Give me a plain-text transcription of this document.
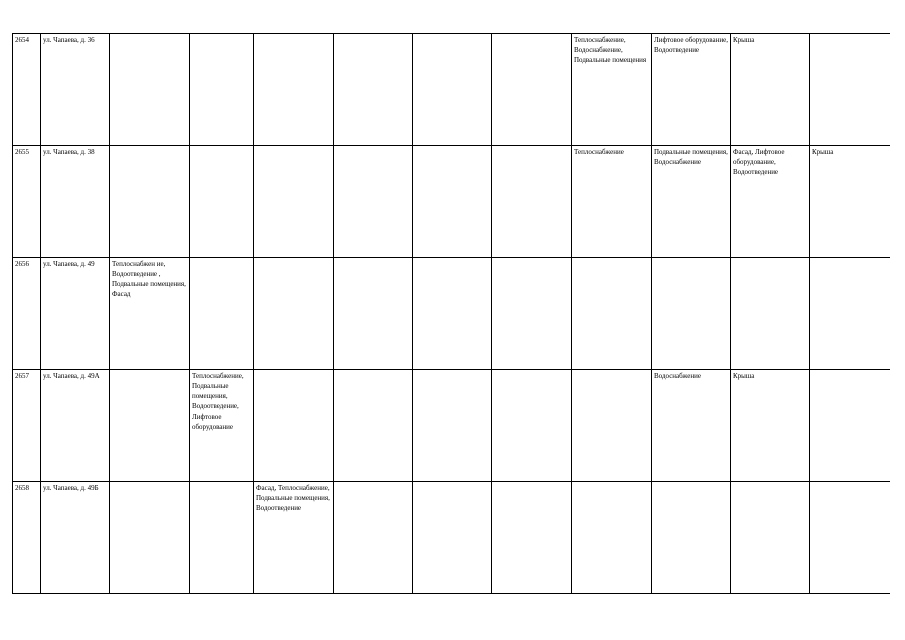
2654	ул. Чапаева, д. 36							Теплоснабжение, Водоснабжение, Подвальные помещения	Лифтовое оборудование, Водоотведение	Крыша	
2655	ул. Чапаева, д. 38							Теплоснабжение	Подвальные помещения, Водоснабжение	Фасад, Лифтовое оборудование, Водоотведение	Крыша
2656	ул. Чапаева, д. 49	Теплоснабжен ие, Водоотведение , Подвальные помещения, Фасад									
2657	ул. Чапаева, д. 49А		Теплоснабжение, Подвальные помещения, Водоотведение, Лифтовое оборудование						Водоснабжение	Крыша	
2658	ул. Чапаева, д. 49Б			Фасад, Теплоснабжение, Подвальные помещения, Водоотведение							
